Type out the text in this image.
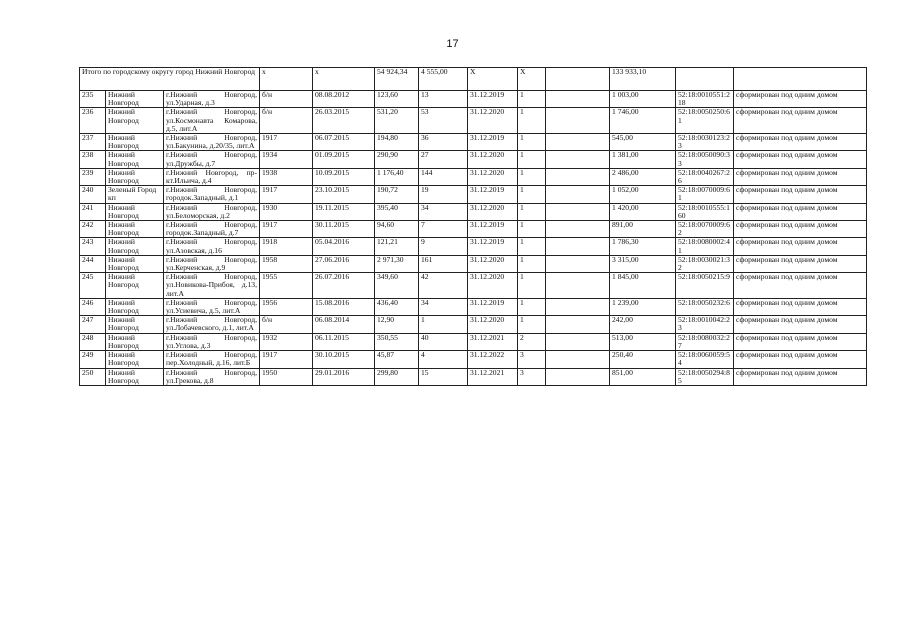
17
Итого по городскому округу город Нижний Новгород			х	х	54 924,34	4 555,00	Х	Х		133 933,10		
235	Нижний Новгород	г.Нижний Новгород, ул.Ударная, д.3	б/н	08.08.2012	123,60	13	31.12.2019	1		1 003,00	52:18:0010551:218	сформирован под одним домом
236	Нижний Новгород	г.Нижний Новгород, ул.Космонавта Комарова, д.5, лит.А	б/н	26.03.2015	531,20	53	31.12.2020	1		1 746,00	52:18:0050250:61	сформирован под одним домом
237	Нижний Новгород	г.Нижний Новгород, ул.Бакунина, д.20/35, лит.А	1917	06.07.2015	194,80	36	31.12.2019	1		545,00	52:18:0030123:23	сформирован под одним домом
238	Нижний Новгород	г.Нижний Новгород, ул.Дружбы, д.7	1934	01.09.2015	290,90	27	31.12.2020	1		1 381,00	52:18:0050090:33	сформирован под одним домом
239	Нижний Новгород	г.Нижний Новгород, пр-кт.Ильича, д.4	1938	10.09.2015	1 176,40	144	31.12.2020	1		2 486,00	52:18:0040267:26	сформирован под одним домом
240	Зеленый Город кп	г.Нижний Новгород, городок.Западный, д.1	1917	23.10.2015	190,72	19	31.12.2019	1		1 052,00	52:18:0070009:61	сформирован под одним домом
241	Нижний Новгород	г.Нижний Новгород, ул.Беломорская, д.2	1930	19.11.2015	395,40	34	31.12.2020	1		1 420,00	52:18:0010555:160	сформирован под одним домом
242	Нижний Новгород	г.Нижний Новгород, городок.Западный, д.7	1917	30.11.2015	94,60	7	31.12.2019	1		891,00	52:18:0070009:62	сформирован под одним домом
243	Нижний Новгород	г.Нижний Новгород, ул.Азовская, д.16	1918	05.04.2016	121,21	9	31.12.2019	1		1 786,30	52:18:0080002:41	сформирован под одним домом
244	Нижний Новгород	г.Нижний Новгород, ул.Керченская, д.9	1958	27.06.2016	2 971,30	161	31.12.2020	1		3 315,00	52:18:0030021:32	сформирован под одним домом
245	Нижний Новгород	г.Нижний Новгород, ул.Новикова-Прибоя, д.13, лит.А	1955	26.07.2016	349,60	42	31.12.2020	1		1 845,00	52:18:0050215:9	сформирован под одним домом
246	Нижний Новгород	г.Нижний Новгород, ул.Усиевича, д.5, лит.А	1956	15.08.2016	436,40	34	31.12.2019	1		1 239,00	52:18:0050232:6	сформирован под одним домом
247	Нижний Новгород	г.Нижний Новгород, ул.Лобачевского, д.1, лит.А	б/н	06.08.2014	12,90	1	31.12.2020	1		242,00	52:18:0010042:23	сформирован под одним домом
248	Нижний Новгород	г.Нижний Новгород, ул.Углова, д.3	1932	06.11.2015	350,55	40	31.12.2021	2		513,00	52:18:0080032:27	сформирован под одним домом
249	Нижний Новгород	г.Нижний Новгород, пер.Холодный, д.16, лит.Б	1917	30.10.2015	45,87	4	31.12.2022	3		250,40	52:18:0060059:54	сформирован под одним домом
250	Нижний Новгород	г.Нижний Новгород, ул.Грекова, д.8	1950	29.01.2016	299,80	15	31.12.2021	3		851,00	52:18:0050294:85	сформирован под одним домом
